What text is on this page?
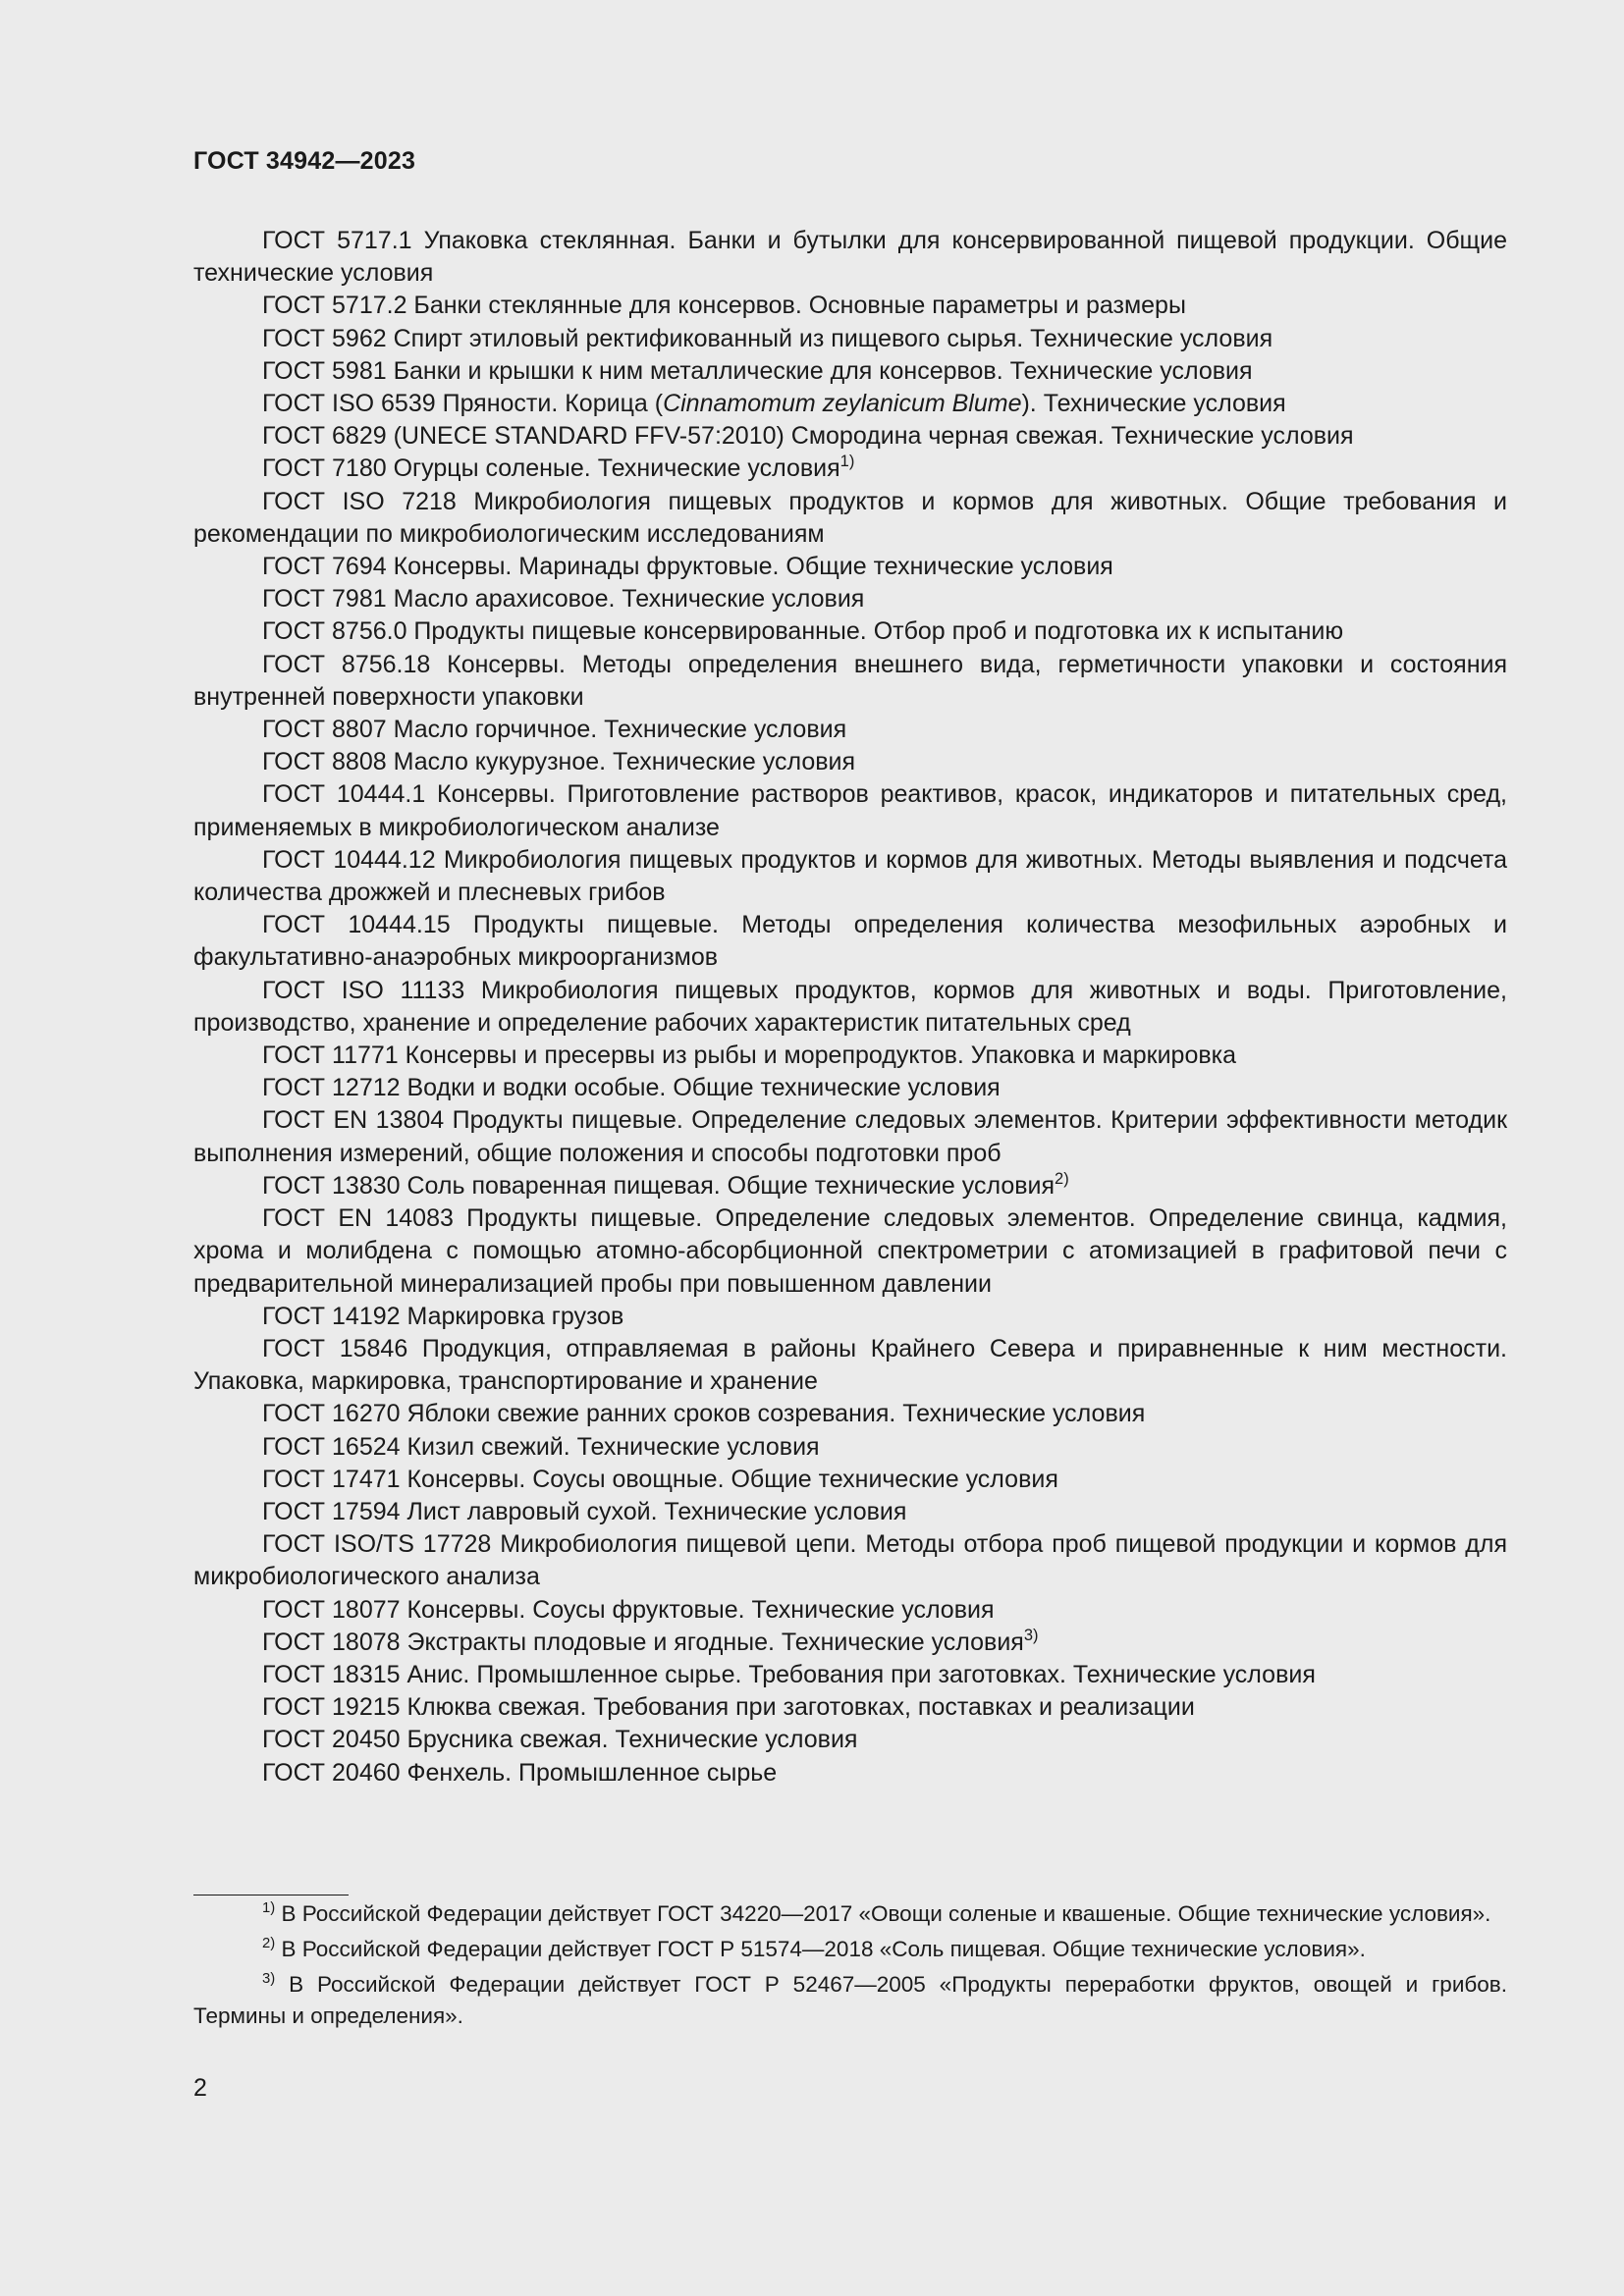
ГОСТ 34942—2023

ГОСТ 5717.1 Упаковка стеклянная. Банки и бутылки для консервированной пищевой продукции. Общие технические условия

ГОСТ 5717.2 Банки стеклянные для консервов. Основные параметры и размеры

ГОСТ 5962 Спирт этиловый ректификованный из пищевого сырья. Технические условия

ГОСТ 5981 Банки и крышки к ним металлические для консервов. Технические условия

ГОСТ ISO 6539 Пряности. Корица (Cinnamomum zeylanicum Blume). Технические условия

ГОСТ 6829 (UNECE STANDARD FFV-57:2010) Смородина черная свежая. Технические условия

ГОСТ 7180 Огурцы соленые. Технические условия$^{1)}$

ГОСТ ISO 7218 Микробиология пищевых продуктов и кормов для животных. Общие требования и рекомендации по микробиологическим исследованиям

ГОСТ 7694 Консервы. Маринады фруктовые. Общие технические условия

ГОСТ 7981 Масло арахисовое. Технические условия

ГОСТ 8756.0 Продукты пищевые консервированные. Отбор проб и подготовка их к испытанию

ГОСТ 8756.18 Консервы. Методы определения внешнего вида, герметичности упаковки и состояния внутренней поверхности упаковки

ГОСТ 8807 Масло горчичное. Технические условия

ГОСТ 8808 Масло кукурузное. Технические условия

ГОСТ 10444.1 Консервы. Приготовление растворов реактивов, красок, индикаторов и питательных сред, применяемых в микробиологическом анализе

ГОСТ 10444.12 Микробиология пищевых продуктов и кормов для животных. Методы выявления и подсчета количества дрожжей и плесневых грибов

ГОСТ 10444.15 Продукты пищевые. Методы определения количества мезофильных аэробных и факультативно-анаэробных микроорганизмов

ГОСТ ISO 11133 Микробиология пищевых продуктов, кормов для животных и воды. Приготовление, производство, хранение и определение рабочих характеристик питательных сред

ГОСТ 11771 Консервы и пресервы из рыбы и морепродуктов. Упаковка и маркировка

ГОСТ 12712 Водки и водки особые. Общие технические условия

ГОСТ EN 13804 Продукты пищевые. Определение следовых элементов. Критерии эффективности методик выполнения измерений, общие положения и способы подготовки проб

ГОСТ 13830 Соль поваренная пищевая. Общие технические условия$^{2)}$

ГОСТ EN 14083 Продукты пищевые. Определение следовых элементов. Определение свинца, кадмия, хрома и молибдена с помощью атомно-абсорбционной спектрометрии с атомизацией в графитовой печи с предварительной минерализацией пробы при повышенном давлении

ГОСТ 14192 Маркировка грузов

ГОСТ 15846 Продукция, отправляемая в районы Крайнего Севера и приравненные к ним местности. Упаковка, маркировка, транспортирование и хранение

ГОСТ 16270 Яблоки свежие ранних сроков созревания. Технические условия

ГОСТ 16524 Кизил свежий. Технические условия

ГОСТ 17471 Консервы. Соусы овощные. Общие технические условия

ГОСТ 17594 Лист лавровый сухой. Технические условия

ГОСТ ISO/TS 17728 Микробиология пищевой цепи. Методы отбора проб пищевой продукции и кормов для микробиологического анализа

ГОСТ 18077 Консервы. Соусы фруктовые. Технические условия

ГОСТ 18078 Экстракты плодовые и ягодные. Технические условия$^{3)}$

ГОСТ 18315 Анис. Промышленное сырье. Требования при заготовках. Технические условия

ГОСТ 19215 Клюква свежая. Требования при заготовках, поставках и реализации

ГОСТ 20450 Брусника свежая. Технические условия

ГОСТ 20460 Фенхель. Промышленное сырье

$^{1)}$ В Российской Федерации действует ГОСТ 34220—2017 «Овощи соленые и квашеные. Общие технические условия».

$^{2)}$ В Российской Федерации действует ГОСТ Р 51574—2018 «Соль пищевая. Общие технические условия».

$^{3)}$ В Российской Федерации действует ГОСТ Р 52467—2005 «Продукты переработки фруктов, овощей и грибов. Термины и определения».

2
